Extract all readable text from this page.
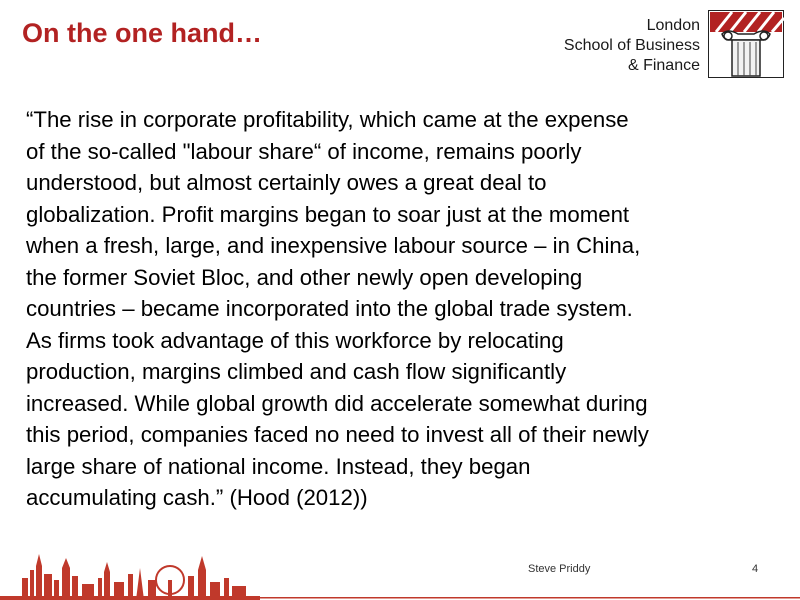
On the one hand…	London
School of Business
& Finance
“The rise in corporate profitability, which came at the expense
of the so-called "labour share“ of income, remains poorly
understood, but almost certainly owes a great deal to
globalization. Profit margins began to soar just at the moment
when a fresh, large, and inexpensive labour source – in China,
the former Soviet Bloc, and other newly open developing
countries – became incorporated into the global trade system.
As firms took advantage of this workforce by relocating
production, margins climbed and cash flow significantly
increased. While global growth did accelerate somewhat during
this period, companies faced no need to invest all of their newly
large share of national income. Instead, they began
accumulating cash.” (Hood (2012))
Steve Priddy	4
